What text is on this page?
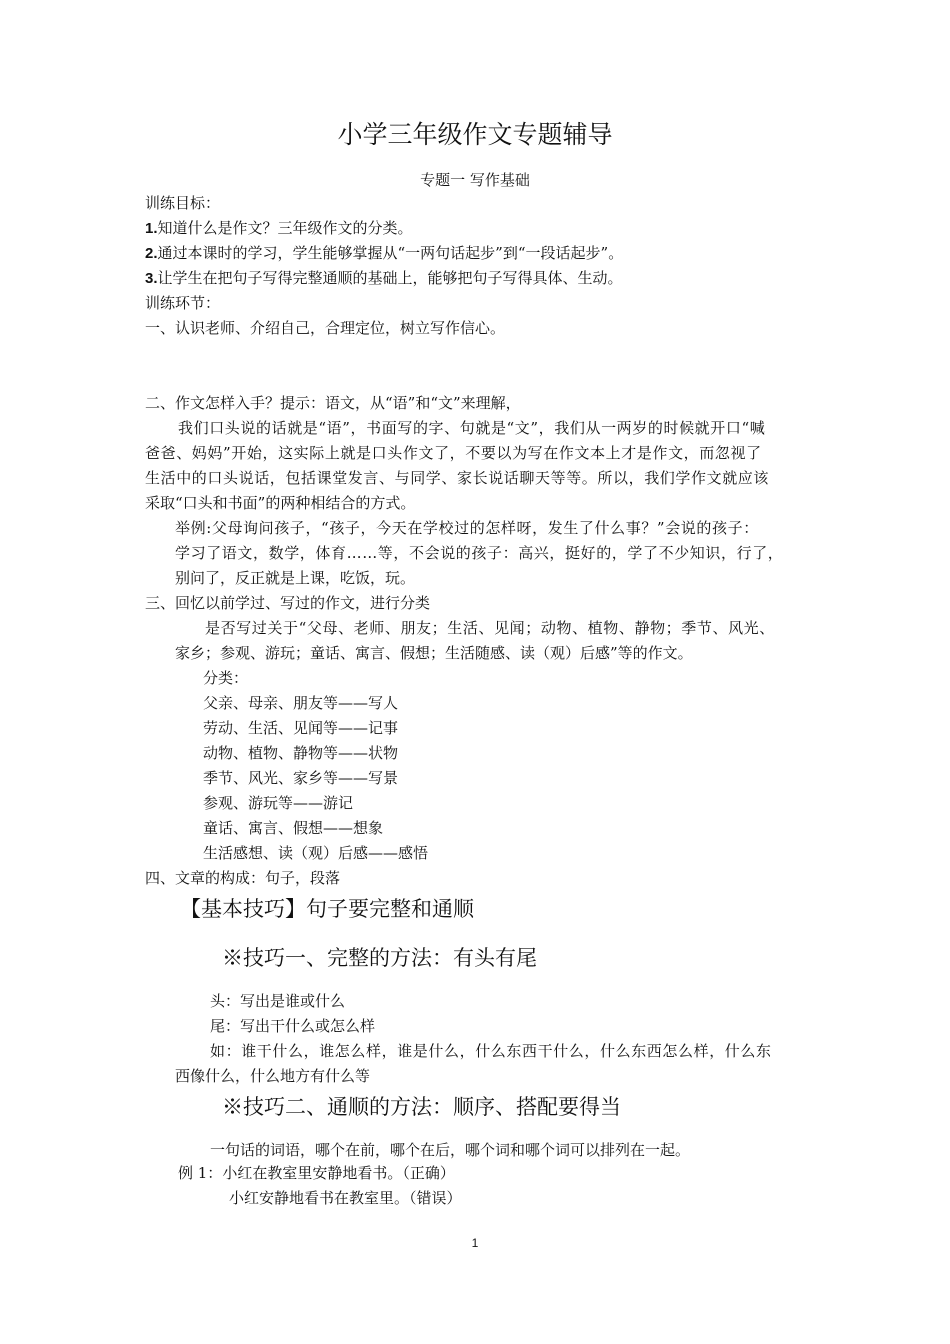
小学三年级作文专题辅导
专题一 写作基础
训练目标：
1.知道什么是作文？三年级作文的分类。
2.通过本课时的学习，学生能够掌握从“一两句话起步”到“一段话起步”。
3.让学生在把句子写得完整通顺的基础上，能够把句子写得具体、生动。
训练环节：
一、认识老师、介绍自己，合理定位，树立写作信心。
二、作文怎样入手？提示：语文，从“语”和“文”来理解，
我们口头说的话就是“语”，书面写的字、句就是“文”，我们从一两岁的时候就开口“喊
爸爸、妈妈”开始，这实际上就是口头作文了，不要以为写在作文本上才是作文，而忽视了
生活中的口头说话，包括课堂发言、与同学、家长说话聊天等等。所以，我们学作文就应该
采取“口头和书面”的两种相结合的方式。
举例:父母询问孩子，“孩子，今天在学校过的怎样呀，发生了什么事？”会说的孩子：
学习了语文，数学，体育……等，不会说的孩子：高兴，挺好的，学了不少知识，行了，
别问了，反正就是上课，吃饭，玩。
三、回忆以前学过、写过的作文，进行分类
是否写过关于“父母、老师、朋友；生活、见闻；动物、植物、静物；季节、风光、
家乡；参观、游玩；童话、寓言、假想；生活随感、读（观）后感”等的作文。
分类：
父亲、母亲、朋友等——写人
劳动、生活、见闻等——记事
动物、植物、静物等——状物
季节、风光、家乡等——写景
参观、游玩等——游记
童话、寓言、假想——想象
生活感想、读（观）后感——感悟
四、文章的构成：句子，段落
【基本技巧】句子要完整和通顺
※技巧一、完整的方法：有头有尾
头：写出是谁或什么
尾：写出干什么或怎么样
如：谁干什么，谁怎么样，谁是什么，什么东西干什么，什么东西怎么样，什么东
西像什么，什么地方有什么等
※技巧二、通顺的方法：顺序、搭配要得当
一句话的词语，哪个在前，哪个在后，哪个词和哪个词可以排列在一起。
例 1：小红在教室里安静地看书。（正确）
小红安静地看书在教室里。（错误）
1
